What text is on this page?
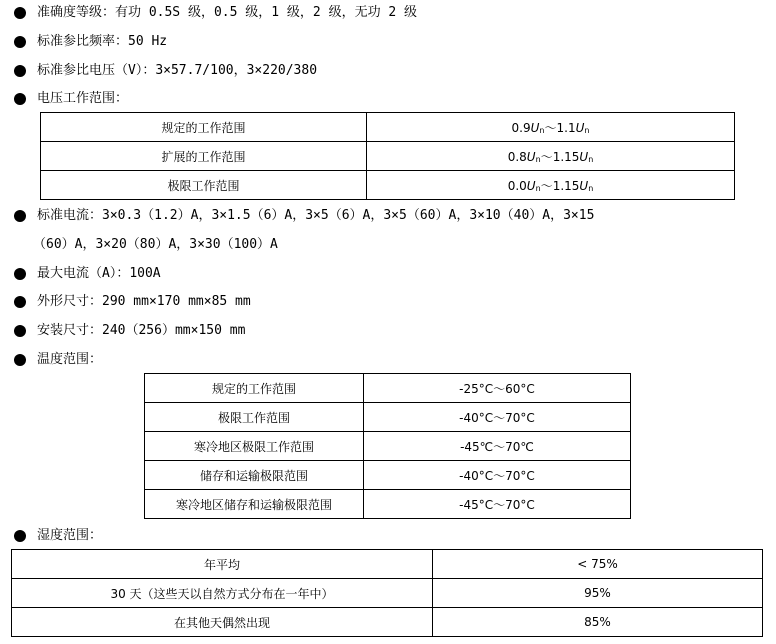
准确度等级：有功 0.5S 级，0.5 级，1 级，2 级，无功 2 级
标准参比频率：50 Hz
标准参比电压（V）：3×57.7/100，3×220/380
电压工作范围：
规定的工作范围	0.9Un～1.1Un
扩展的工作范围	0.8Un～1.15Un
极限工作范围	0.0Un～1.15Un
标准电流：3×0.3（1.2）A，3×1.5（6）A，3×5（6）A，3×5（60）A，3×10（40）A，3×15
（60）A，3×20（80）A，3×30（100）A
最大电流（A）：100A
外形尺寸：290 mm×170 mm×85 mm
安装尺寸：240（256）mm×150 mm
温度范围：
规定的工作范围	-25°C～60°C
极限工作范围	-40°C～70°C
寒冷地区极限工作范围	-45℃～70℃
储存和运输极限范围	-40°C～70°C
寒冷地区储存和运输极限范围	-45°C～70°C
湿度范围：
年平均	< 75%
30 天（这些天以自然方式分布在一年中）	95%
在其他天偶然出现	85%
